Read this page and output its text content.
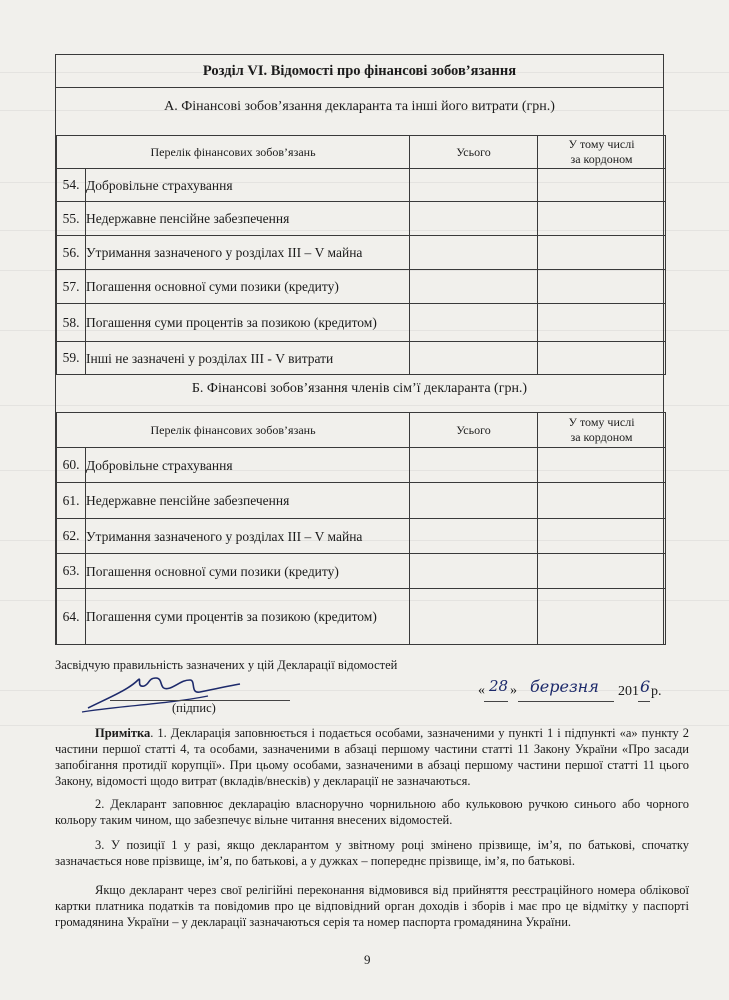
Розділ VI. Відомості про фінансові зобов’язання
А. Фінансові зобов’язання декларанта та інші його витрати (грн.)
Перелік фінансових зобов’язань		Усього	У тому числі
за кордоном
54.	Добровільне страхування		
55.	Недержавне пенсійне забезпечення		
56.	Утримання зазначеного у розділах ІІІ – V майна		
57.	Погашення основної суми позики (кредиту)		
58.	Погашення суми процентів за позикою (кредитом)		
59.	Інші не зазначені у розділах ІІІ - V витрати		
Б. Фінансові зобов’язання членів сім’ї декларанта (грн.)
Перелік фінансових зобов’язань		Усього	У тому числі
за кордоном
60.	Добровільне страхування		
61.	Недержавне пенсійне забезпечення		
62.	Утримання зазначеного у розділах ІІІ – V майна		
63.	Погашення основної суми позики (кредиту)		
64.	Погашення суми процентів за позикою (кредитом)		
Засвідчую правильність зазначених у цій Декларації відомостей
(підпис)
« 28 » березня 201 6 р.
Примітка. 1. Декларація заповнюється і подається особами, зазначеними у пункті 1 і підпункті «а» пункту 2 частини першої статті 4, та особами, зазначеними в абзаці першому частини статті 11 Закону України «Про засади запобігання протидії корупції». При цьому особами, зазначеними в абзаці першому частини першої статті 11 цього Закону, відомості щодо витрат (вкладів/внесків) у декларації не зазначаються.
2. Декларант заповнює декларацію власноручно чорнильною або кульковою ручкою синього або чорного кольору таким чином, що забезпечує вільне читання внесених відомостей.
3. У позиції 1 у разі, якщо декларантом у звітному році змінено прізвище, ім’я, по батькові, спочатку зазначається нове прізвище, ім’я, по батькові, а у дужках – попереднє прізвище, ім’я, по батькові.
Якщо декларант через свої релігійні переконання відмовився від прийняття реєстраційного номера облікової картки платника податків та повідомив про це відповідний орган доходів і зборів і має про це відмітку у паспорті громадянина України – у декларації зазначаються серія та номер паспорта громадянина України.
9
